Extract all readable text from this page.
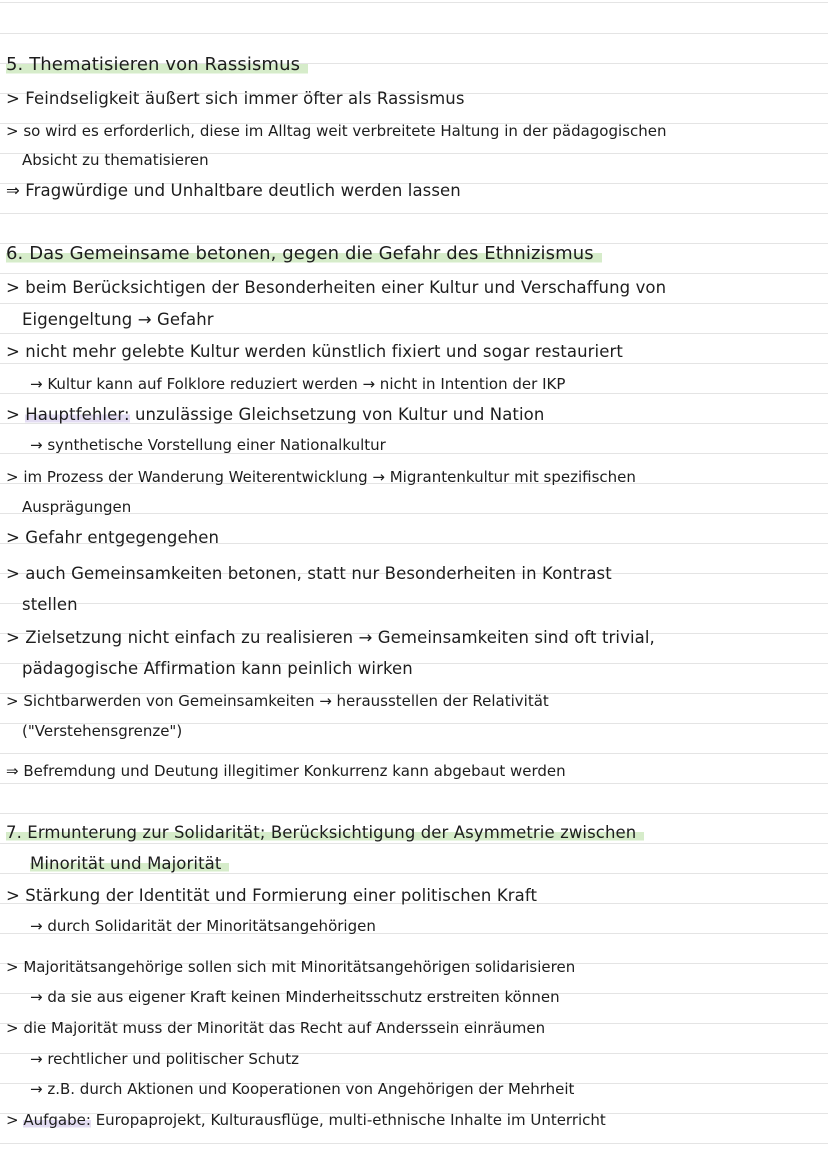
5. Thematisieren von Rassismus
> Feindseligkeit äußert sich immer öfter als Rassismus
> so wird es erforderlich, diese im Alltag weit verbreitete Haltung in der pädagogischen
Absicht zu thematisieren
⇒ Fragwürdige und Unhaltbare deutlich werden lassen
6. Das Gemeinsame betonen, gegen die Gefahr des Ethnizismus
> beim Berücksichtigen der Besonderheiten einer Kultur und Verschaffung von
Eigengeltung → Gefahr
> nicht mehr gelebte Kultur werden künstlich fixiert und sogar restauriert
→ Kultur kann auf Folklore reduziert werden → nicht in Intention der IKP
> Hauptfehler: unzulässige Gleichsetzung von Kultur und Nation
→ synthetische Vorstellung einer Nationalkultur
> im Prozess der Wanderung Weiterentwicklung → Migrantenkultur mit spezifischen
Ausprägungen
> Gefahr entgegengehen
> auch Gemeinsamkeiten betonen, statt nur Besonderheiten in Kontrast
stellen
> Zielsetzung nicht einfach zu realisieren → Gemeinsamkeiten sind oft trivial,
pädagogische Affirmation kann peinlich wirken
> Sichtbarwerden von Gemeinsamkeiten → herausstellen der Relativität
("Verstehensgrenze")
⇒ Befremdung und Deutung illegitimer Konkurrenz kann abgebaut werden
7. Ermunterung zur Solidarität; Berücksichtigung der Asymmetrie zwischen
Minorität und Majorität
> Stärkung der Identität und Formierung einer politischen Kraft
→ durch Solidarität der Minoritätsangehörigen
> Majoritätsangehörige sollen sich mit Minoritätsangehörigen solidarisieren
→ da sie aus eigener Kraft keinen Minderheitsschutz erstreiten können
> die Majorität muss der Minorität das Recht auf Anderssein einräumen
→ rechtlicher und politischer Schutz
→ z.B. durch Aktionen und Kooperationen von Angehörigen der Mehrheit
> Aufgabe: Europaprojekt, Kulturausflüge, multi-ethnische Inhalte im Unterricht
